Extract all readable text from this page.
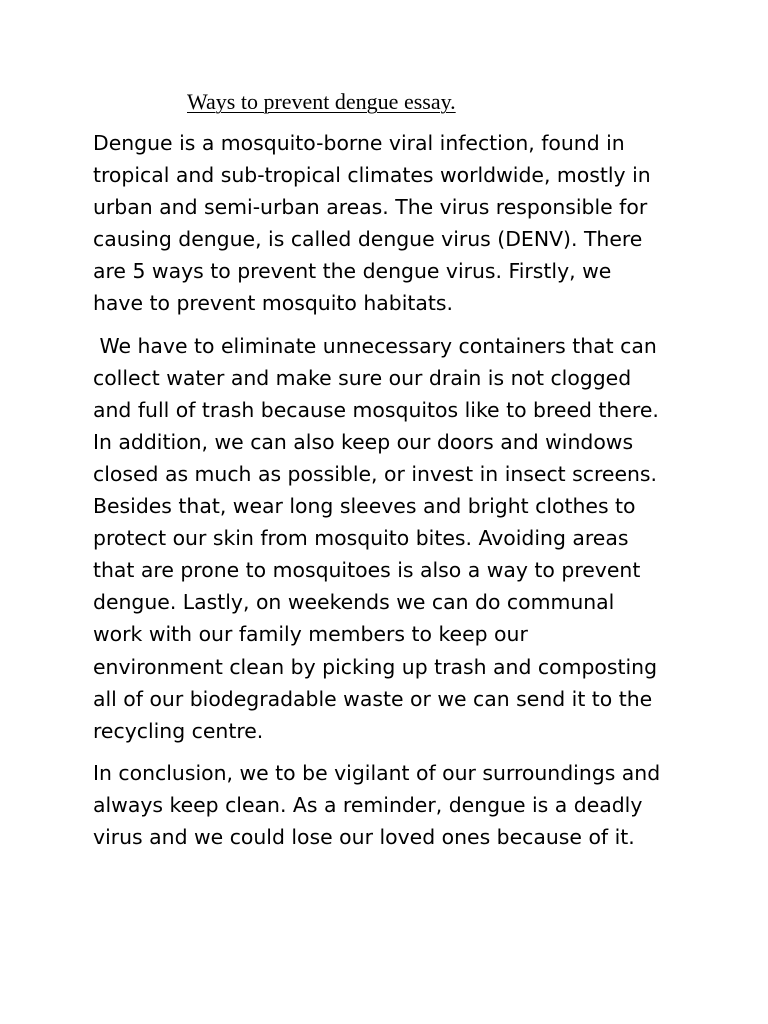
Ways to prevent dengue essay.

Dengue is a mosquito-borne viral infection, found in
tropical and sub-tropical climates worldwide, mostly in
urban and semi-urban areas. The virus responsible for
causing dengue, is called dengue virus (DENV). There
are 5 ways to prevent the dengue virus. Firstly, we
have to prevent mosquito habitats.

We have to eliminate unnecessary containers that can
collect water and make sure our drain is not clogged
and full of trash because mosquitos like to breed there.
In addition, we can also keep our doors and windows
closed as much as possible, or invest in insect screens.
Besides that, wear long sleeves and bright clothes to
protect our skin from mosquito bites. Avoiding areas
that are prone to mosquitoes is also a way to prevent
dengue. Lastly, on weekends we can do communal
work with our family members to keep our
environment clean by picking up trash and composting
all of our biodegradable waste or we can send it to the
recycling centre.

In conclusion, we to be vigilant of our surroundings and
always keep clean. As a reminder, dengue is a deadly
virus and we could lose our loved ones because of it.
